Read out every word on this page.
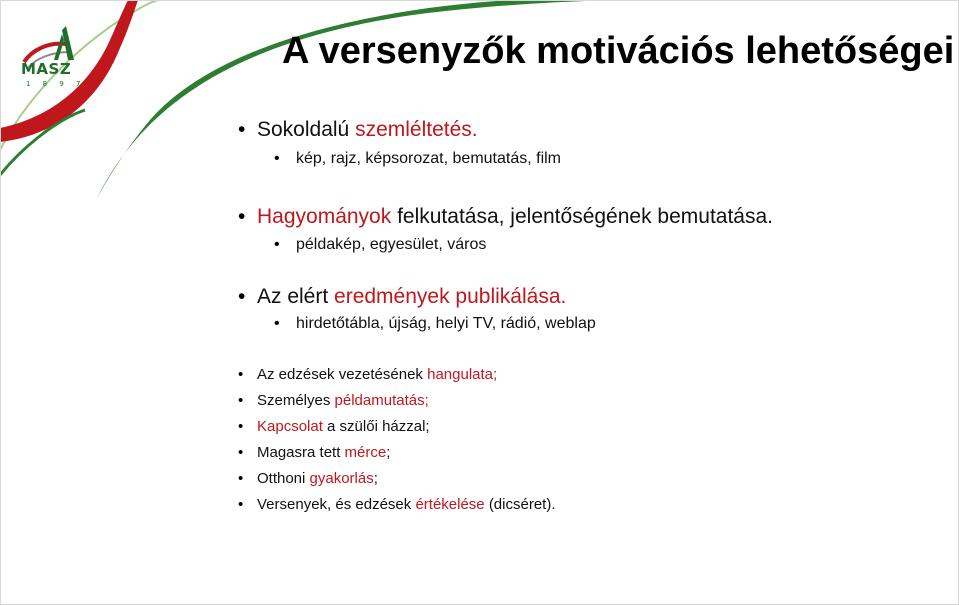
MASZ
1 8 9 7
A versenyzők motivációs lehetőségei
• Sokoldalú szemléltetés.
• kép, rajz, képsorozat, bemutatás, film
• Hagyományok felkutatása, jelentőségének bemutatása.
• példakép, egyesület, város
• Az elért eredmények publikálása.
• hirdetőtábla, újság, helyi TV, rádió, weblap
• Az edzések vezetésének hangulata;
• Személyes példamutatás;
• Kapcsolat a szülői házzal;
• Magasra tett mérce;
• Otthoni gyakorlás;
• Versenyek, és edzések értékelése (dicséret).
